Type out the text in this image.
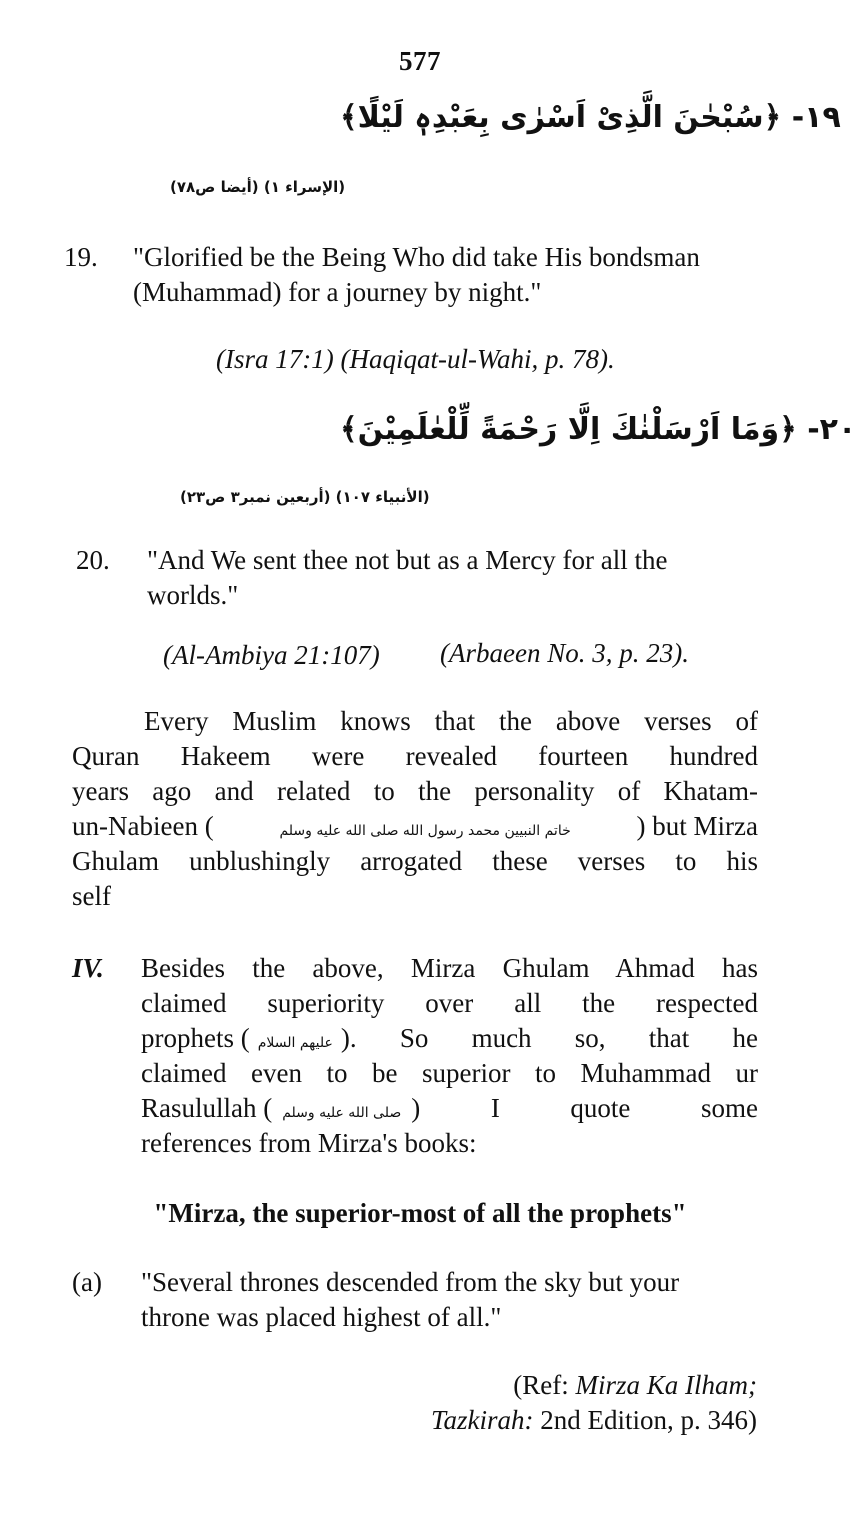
577
۱۹- ﴿سُبْحٰنَ الَّذِیْ اَسْرٰی بِعَبْدِہٖ لَیْلًا﴾
(الإسراء ۱) (أيضا ص۷۸)
19. "Glorified be the Being Who did take His bondsman (Muhammad) for a journey by night."
(Isra 17:1) (Haqiqat-ul-Wahi, p. 78).
۲۰- ﴿وَمَا اَرْسَلْنٰكَ اِلَّا رَحْمَةً لِّلْعٰلَمِیْنَ﴾
(الأنبياء ۱۰۷) (أربعین نمبر۳ ص۲۳)
20. "And We sent thee not but as a Mercy for all the worlds."
(Al-Ambiya 21:107) (Arbaeen No. 3, p. 23).
Every Muslim knows that the above verses of
Quran Hakeem were revealed fourteen hundred
years ago and related to the personality of Khatam-
un-Nabieen (	خاتم النبیین محمد رسول الله صلی الله علیه وسلم ) but Mirza
Ghulam unblushingly arrogated these verses to his
self
IV. Besides the above, Mirza Ghulam Ahmad has
claimed superiority over all the respected
prophets ( علیهم السلام ). So much so, that he
claimed even to be superior to Muhammad ur
Rasulullah ( صلی الله علیه وسلم ) I quote some
references from Mirza's books:
"Mirza, the superior-most of all the prophets"
(a) "Several thrones descended from the sky but your throne was placed highest of all."
(Ref: Mirza Ka Ilham;
Tazkirah: 2nd Edition, p. 346)
